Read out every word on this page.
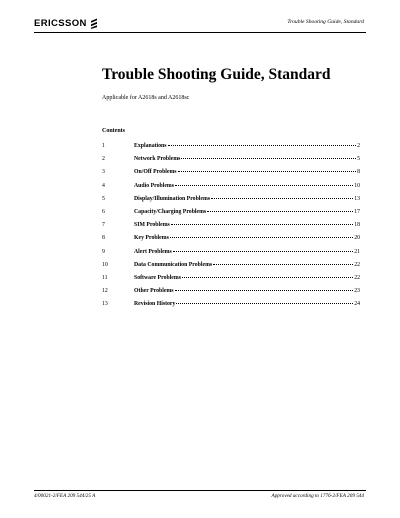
ERICSSON	Trouble Shooting Guide, Standard
Trouble Shooting Guide, Standard
Applicable for A2618s and A2618sc
Contents
1	Explanations	2
2	Network Problems	5
3	On/Off Problems	8
4	Audio Problems	10
5	Display/Illumination Problems	13
6	Capacity/Charging Problems	17
7	SIM Problems	18
8	Key Problems	20
9	Alert Problems	21
10	Data Communication Problems	22
11	Software Problems	22
12	Other Problems	23
13	Revision History	24
4/00021-2/FEA 209 544/25 A	Approved according to 1776-2/FEA 209 544
